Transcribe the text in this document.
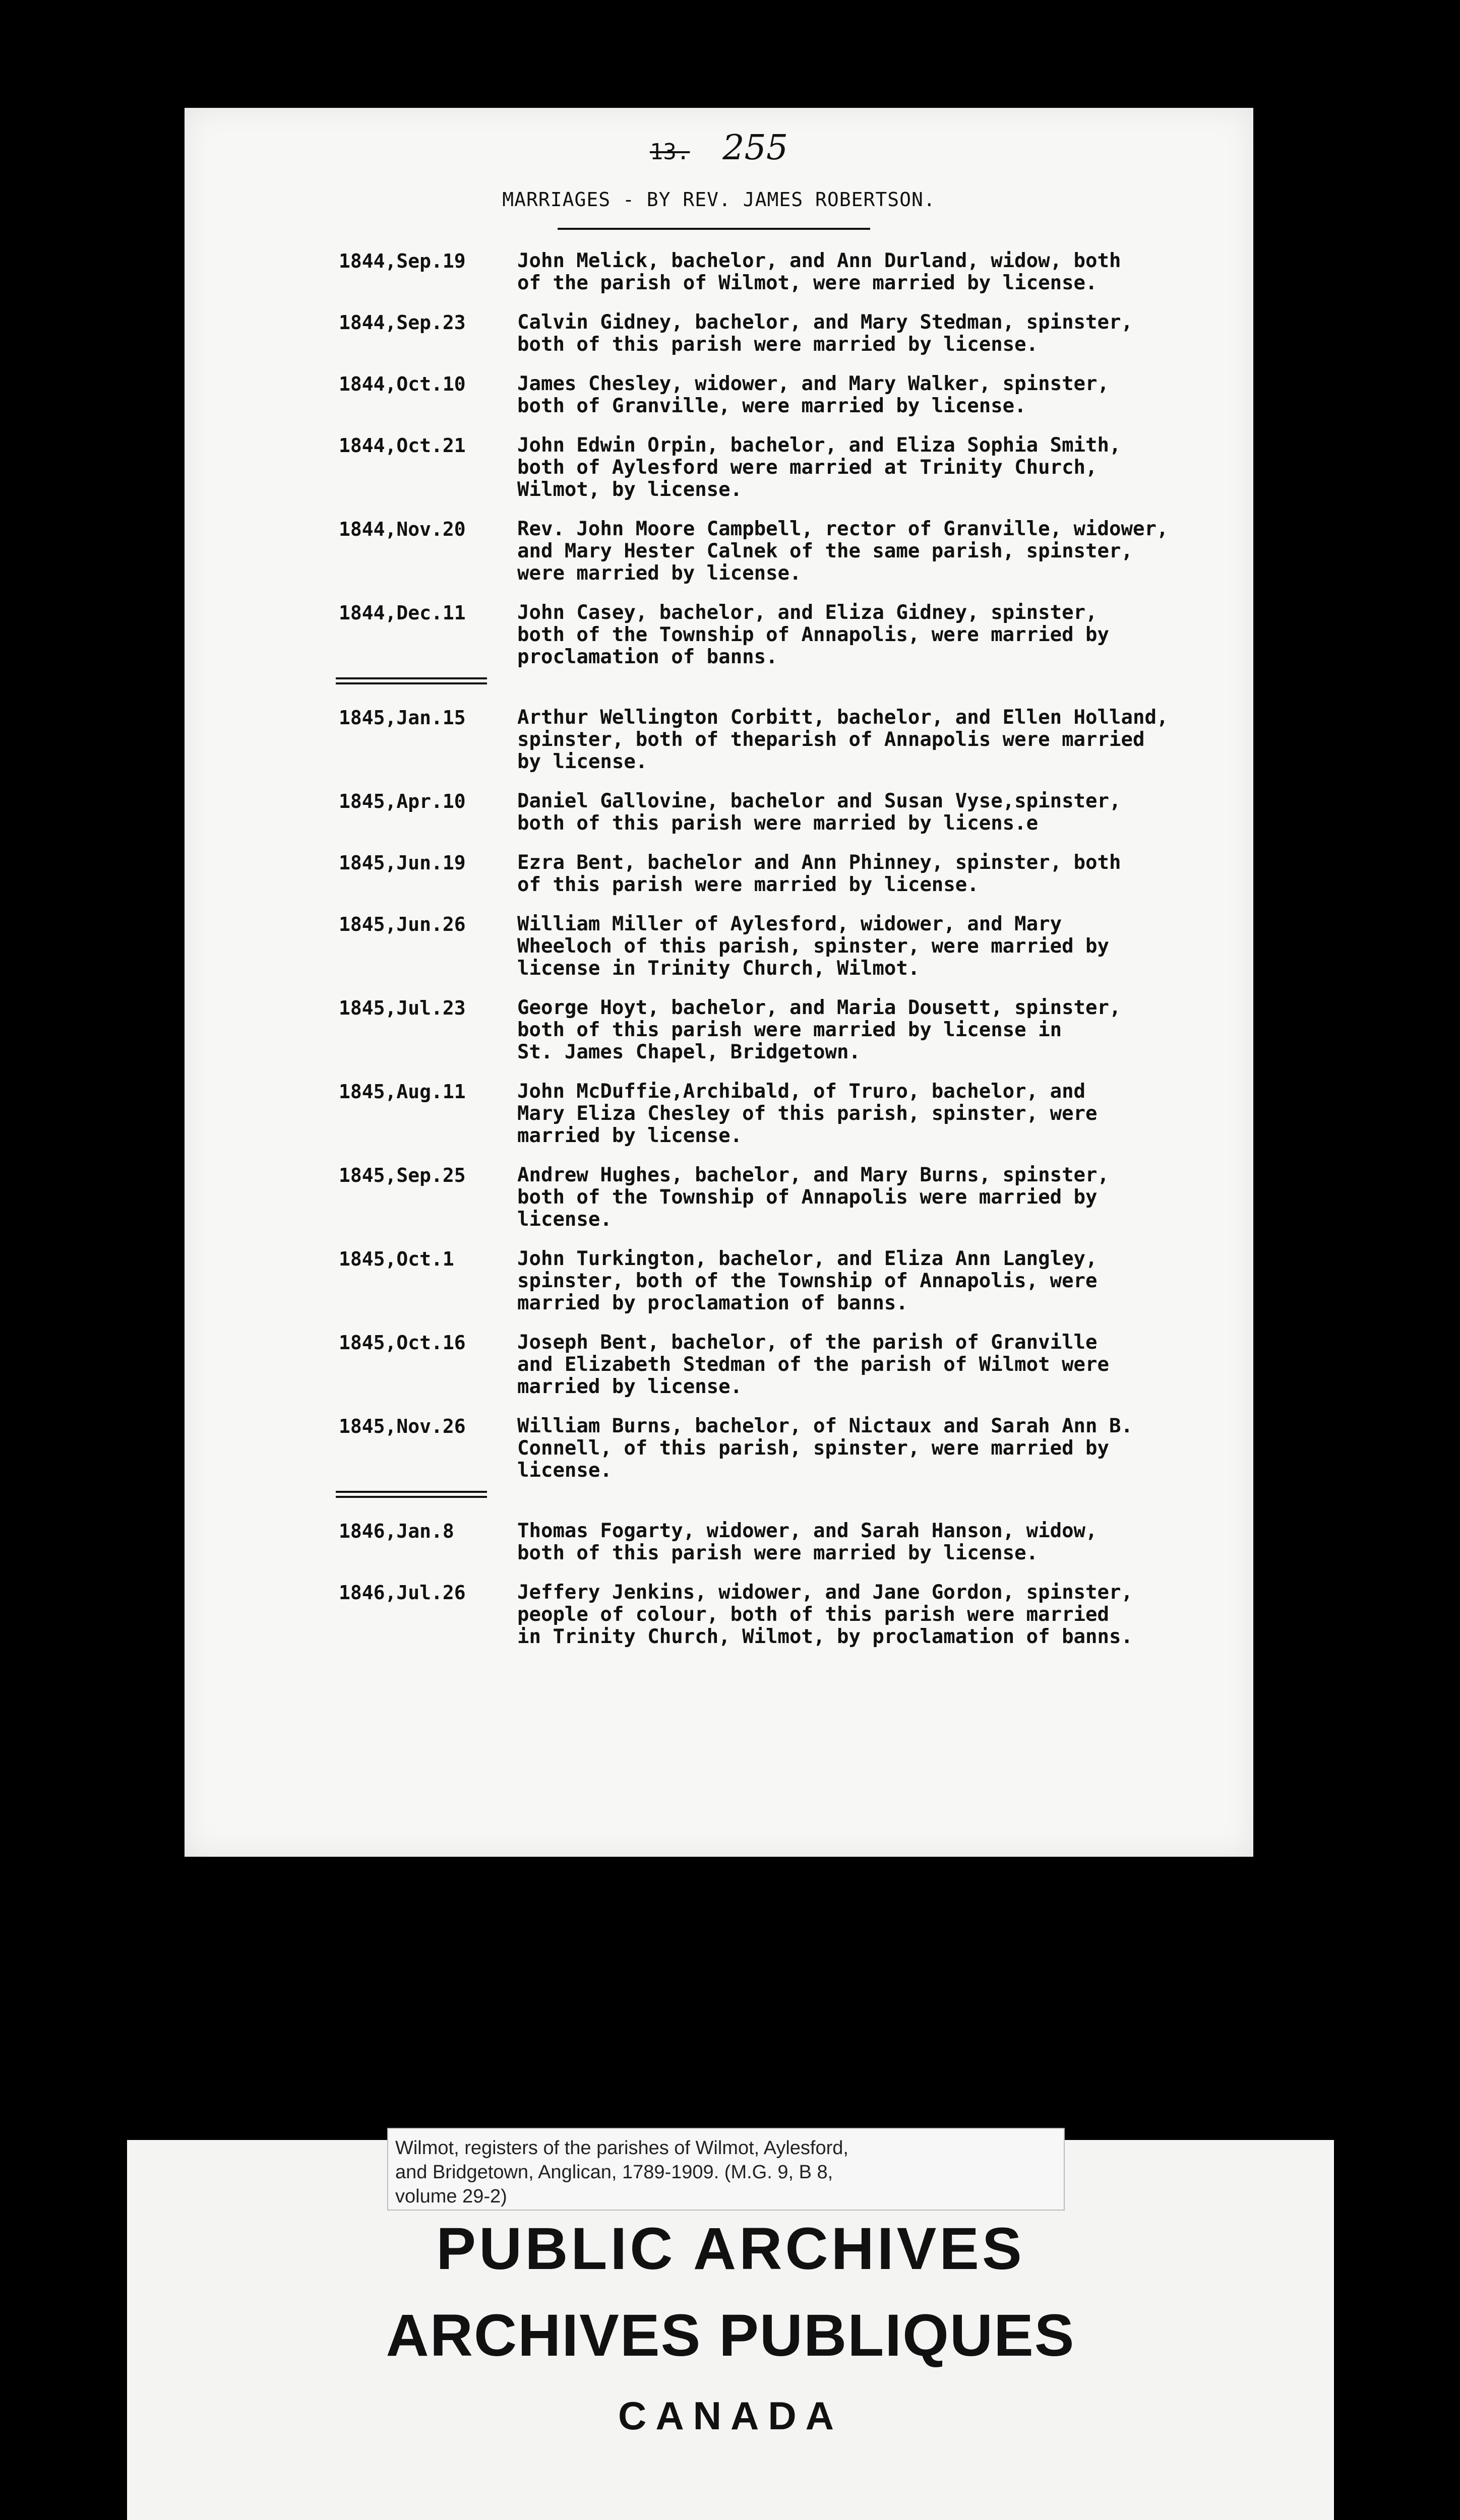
13. 255
MARRIAGES - BY REV. JAMES ROBERTSON.
1844,Sep.19	John Melick, bachelor, and Ann Durland, widow, both
of the parish of Wilmot, were married by license.
1844,Sep.23	Calvin Gidney, bachelor, and Mary Stedman, spinster,
both of this parish were married by license.
1844,Oct.10	James Chesley, widower, and Mary Walker, spinster,
both of Granville, were married by license.
1844,Oct.21	John Edwin Orpin, bachelor, and Eliza Sophia Smith,
both of Aylesford were married at Trinity Church,
Wilmot, by license.
1844,Nov.20	Rev. John Moore Campbell, rector of Granville, widower,
and Mary Hester Calnek of the same parish, spinster,
were married by license.
1844,Dec.11	John Casey, bachelor, and Eliza Gidney, spinster,
both of the Township of Annapolis, were married by
proclamation of banns.
1845,Jan.15	Arthur Wellington Corbitt, bachelor, and Ellen Holland,
spinster, both of theparish of Annapolis were married
by license.
1845,Apr.10	Daniel Gallovine, bachelor and Susan Vyse,spinster,
both of this parish were married by licens.e
1845,Jun.19	Ezra Bent, bachelor and Ann Phinney, spinster, both
of this parish were married by license.
1845,Jun.26	William Miller of Aylesford, widower, and Mary
Wheeloch of this parish, spinster, were married by
license in Trinity Church, Wilmot.
1845,Jul.23	George Hoyt, bachelor, and Maria Dousett, spinster,
both of this parish were married by license in
St. James Chapel, Bridgetown.
1845,Aug.11	John McDuffie,Archibald, of Truro, bachelor, and
Mary Eliza Chesley of this parish, spinster, were
married by license.
1845,Sep.25	Andrew Hughes, bachelor, and Mary Burns, spinster,
both of the Township of Annapolis were married by
license.
1845,Oct.1	John Turkington, bachelor, and Eliza Ann Langley,
spinster, both of the Township of Annapolis, were
married by proclamation of banns.
1845,Oct.16	Joseph Bent, bachelor, of the parish of Granville
and Elizabeth Stedman of the parish of Wilmot were
married by license.
1845,Nov.26	William Burns, bachelor, of Nictaux and Sarah Ann B.
Connell, of this parish, spinster, were married by
license.
1846,Jan.8	Thomas Fogarty, widower, and Sarah Hanson, widow,
both of this parish were married by license.
1846,Jul.26	Jeffery Jenkins, widower, and Jane Gordon, spinster,
people of colour, both of this parish were married
in Trinity Church, Wilmot, by proclamation of banns.
Wilmot, registers of the parishes of Wilmot, Aylesford,
and Bridgetown, Anglican, 1789-1909. (M.G. 9, B 8,
volume 29-2)
PUBLIC ARCHIVES
ARCHIVES PUBLIQUES
CANADA
